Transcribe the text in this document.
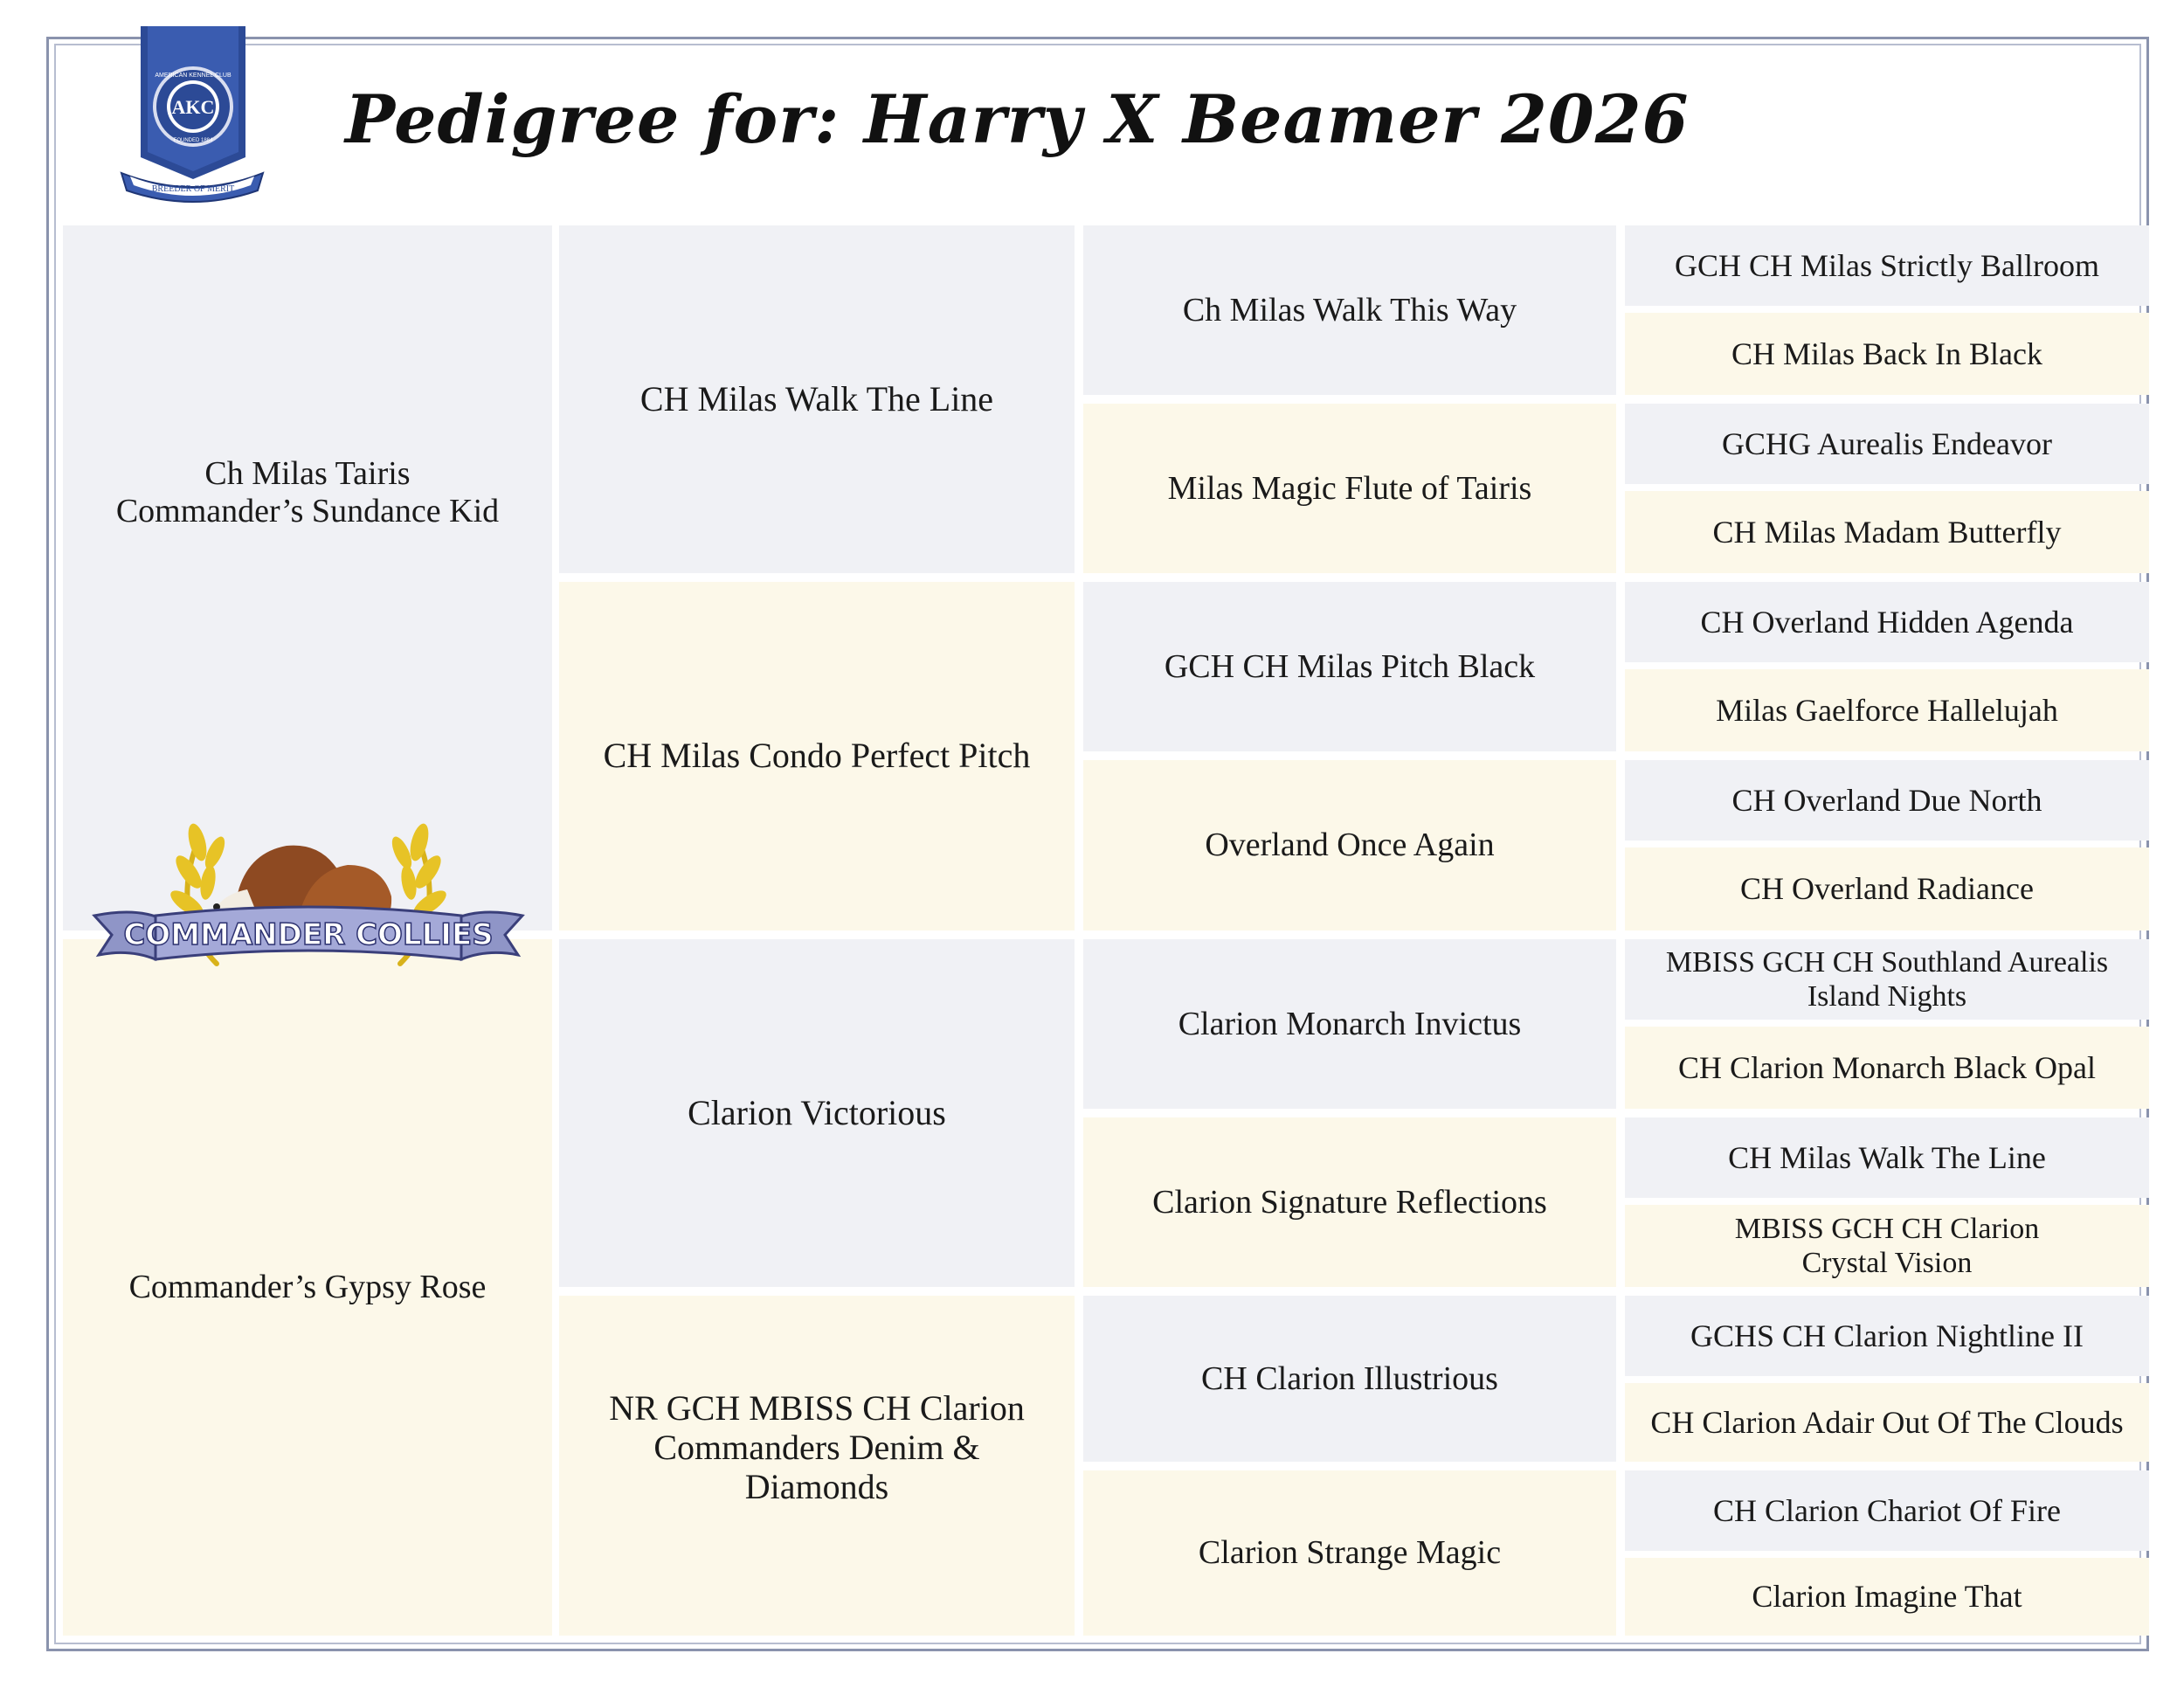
AKC
AMERICAN KENNEL CLUB
FOUNDED 1884
BREEDER OF MERIT
Pedigree for: Harry X Beamer 2026
Ch Milas Tairis Commander’s Sundance Kid
Commander’s Gypsy Rose
COMMANDER COLLIES
CH Milas Walk The Line
CH Milas Condo Perfect Pitch
Clarion Victorious
NR GCH MBISS CH Clarion Commanders Denim & Diamonds
Ch Milas Walk This Way
Milas Magic Flute of Tairis
GCH CH Milas Pitch Black
Overland Once Again
Clarion Monarch Invictus
Clarion Signature Reflections
CH Clarion Illustrious
Clarion Strange Magic
GCH CH Milas Strictly Ballroom
CH Milas Back In Black
GCHG Aurealis Endeavor
CH Milas Madam Butterfly
CH Overland Hidden Agenda
Milas Gaelforce Hallelujah
CH Overland Due North
CH Overland Radiance
MBISS GCH CH Southland Aurealis Island Nights
CH Clarion Monarch Black Opal
CH Milas Walk The Line
MBISS GCH CH Clarion Crystal Vision
GCHS CH Clarion Nightline II
CH Clarion Adair Out Of The Clouds
CH Clarion Chariot Of Fire
Clarion Imagine That
